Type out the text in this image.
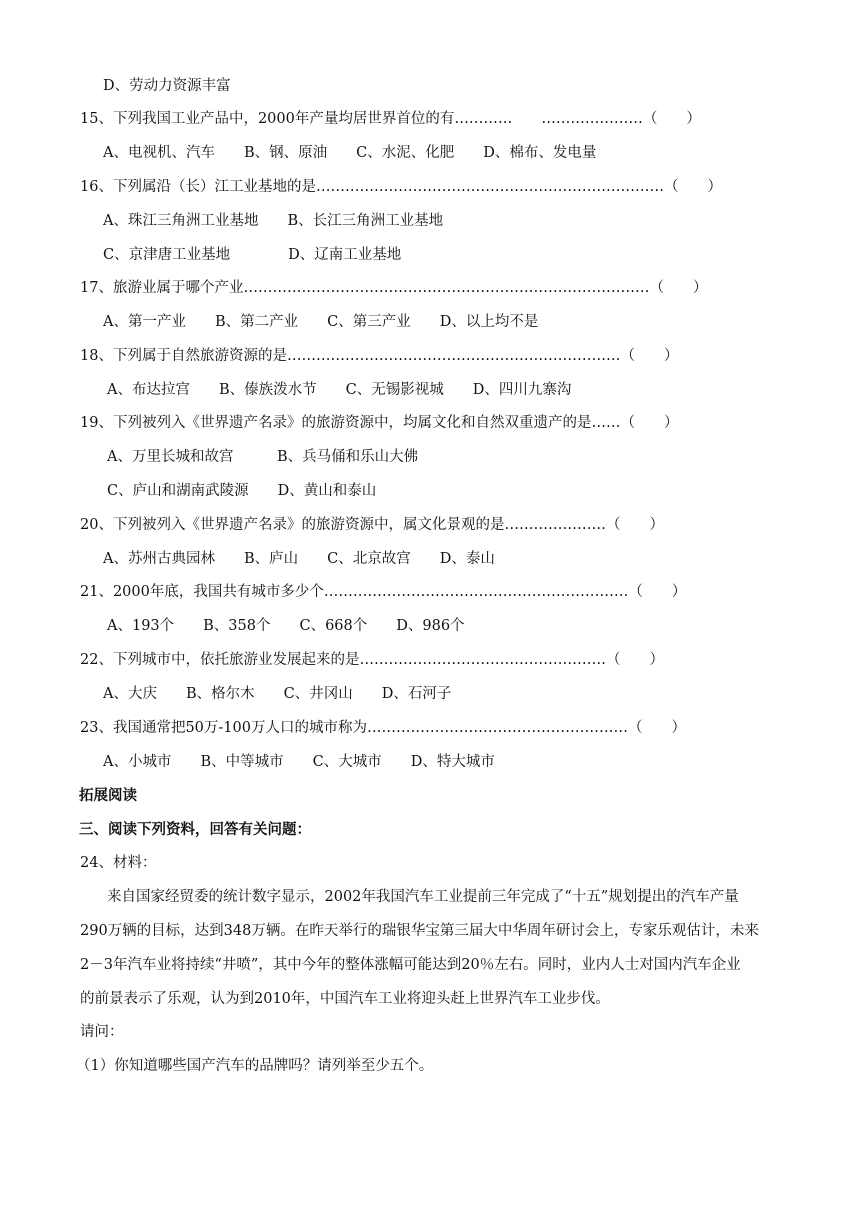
D、劳动力资源丰富
15、下列我国工业产品中，2000年产量均居世界首位的有…………　　…………………（　　）
A、电视机、汽车　　B、钢、原油　　C、水泥、化肥　　D、棉布、发电量
16、下列属沿（长）江工业基地的是………………………………………………………………（　　）
A、珠江三角洲工业基地　　B、长江三角洲工业基地
C、京津唐工业基地　　　　D、辽南工业基地
17、旅游业属于哪个产业…………………………………………………………………………（　　）
A、第一产业　　B、第二产业　　C、第三产业　　D、以上均不是
18、下列属于自然旅游资源的是……………………………………………………………（　　）
A、布达拉宫　　B、傣族泼水节　　C、无锡影视城　　D、四川九寨沟
19、下列被列入《世界遗产名录》的旅游资源中，均属文化和自然双重遗产的是……（　　）
A、万里长城和故宫　　　B、兵马俑和乐山大佛
C、庐山和湖南武陵源　　D、黄山和泰山
20、下列被列入《世界遗产名录》的旅游资源中，属文化景观的是…………………（　　）
A、苏州古典园林　　B、庐山　　C、北京故宫　　D、泰山
21、2000年底，我国共有城市多少个………………………………………………………（　　）
A、193个　　B、358个　　C、668个　　D、986个
22、下列城市中，依托旅游业发展起来的是……………………………………………（　　）
A、大庆　　B、格尔木　　C、井冈山　　D、石河子
23、我国通常把50万-100万人口的城市称为………………………………………………（　　）
A、小城市　　B、中等城市　　C、大城市　　D、特大城市
拓展阅读
三、阅读下列资料，回答有关问题：
24、材料：
来自国家经贸委的统计数字显示，2002年我国汽车工业提前三年完成了“十五”规划提出的汽车产量
290万辆的目标，达到348万辆。在昨天举行的瑞银华宝第三届大中华周年研讨会上，专家乐观估计，未来
2－3年汽车业将持续“井喷”，其中今年的整体涨幅可能达到20％左右。同时，业内人士对国内汽车企业
的前景表示了乐观，认为到2010年，中国汽车工业将迎头赶上世界汽车工业步伐。
请问：
（1）你知道哪些国产汽车的品牌吗？请列举至少五个。
